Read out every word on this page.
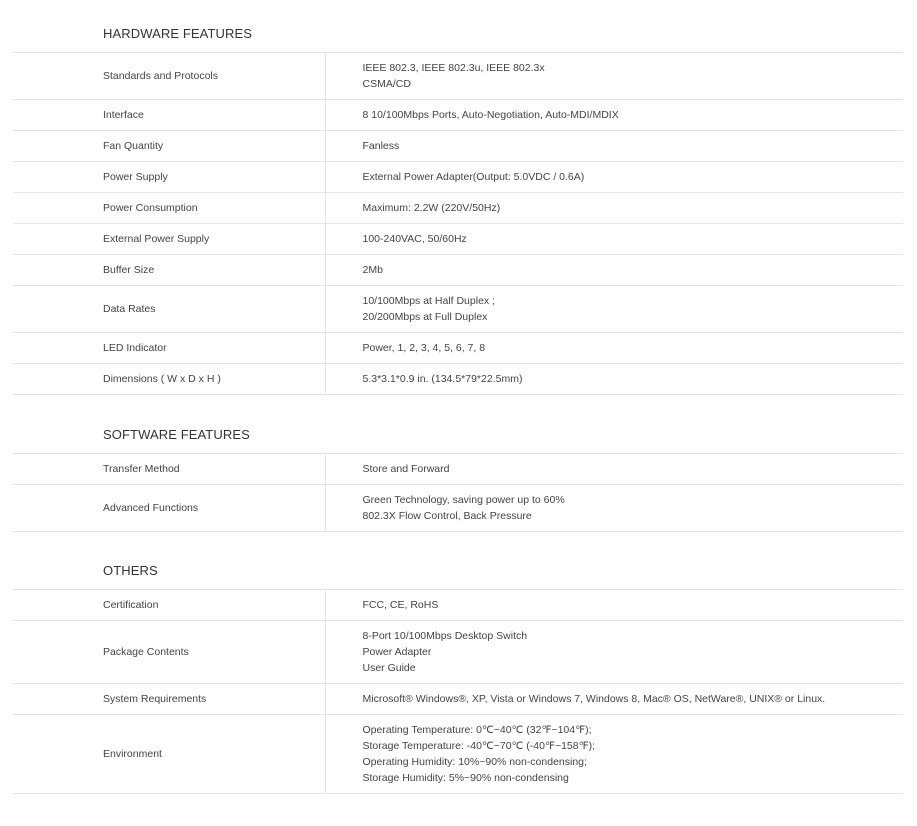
HARDWARE FEATURES
Standards and Protocols	IEEE 802.3, IEEE 802.3u, IEEE 802.3x
CSMA/CD

Interface	8 10/100Mbps Ports, Auto-Negotiation, Auto-MDI/MDIX

Fan Quantity	Fanless

Power Supply	External Power Adapter(Output: 5.0VDC / 0.6A)

Power Consumption	Maximum: 2.2W (220V/50Hz)

External Power Supply	100-240VAC, 50/60Hz

Buffer Size	2Mb

Data Rates	10/100Mbps at Half Duplex ;
20/200Mbps at Full Duplex

LED Indicator	Power, 1, 2, 3, 4, 5, 6, 7, 8

Dimensions ( W x D x H )	5.3*3.1*0.9 in. (134.5*79*22.5mm)
SOFTWARE FEATURES
Transfer Method	Store and Forward

Advanced Functions	Green Technology, saving power up to 60%
802.3X Flow Control, Back Pressure
OTHERS
Certification	FCC, CE, RoHS

Package Contents	8-Port 10/100Mbps Desktop Switch
Power Adapter
User Guide

System Requirements	Microsoft® Windows®, XP, Vista or Windows 7, Windows 8, Mac® OS, NetWare®, UNIX® or Linux.

Environment	Operating Temperature: 0℃~40℃ (32℉~104℉);
Storage Temperature: -40℃~70℃ (-40℉~158℉);
Operating Humidity: 10%~90% non-condensing;
Storage Humidity: 5%~90% non-condensing
